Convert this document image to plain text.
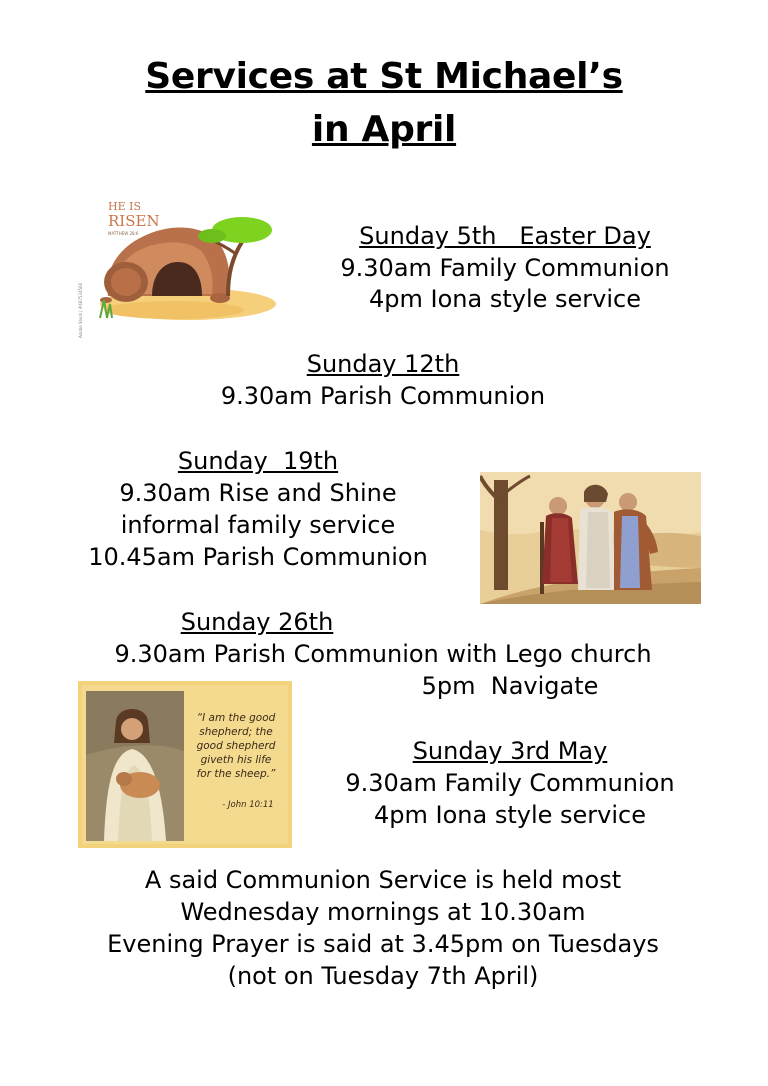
Services at St Michael’s
in April
HE IS
RISEN
MATTHEW 28:6
Adobe Stock | #487534566
Sunday 5th   Easter Day
9.30am Family Communion
4pm Iona style service
Sunday 12th
9.30am Parish Communion
Sunday  19th
9.30am Rise and Shine
informal family service
10.45am Parish Communion
Sunday 26th
9.30am Parish Communion with Lego church
5pm  Navigate
“I am the good
shepherd; the
good shepherd
giveth his life
for the sheep.”
- John 10:11
Sunday 3rd May
9.30am Family Communion
4pm Iona style service
A said Communion Service is held most
Wednesday mornings at 10.30am
Evening Prayer is said at 3.45pm on Tuesdays
(not on Tuesday 7th April)
